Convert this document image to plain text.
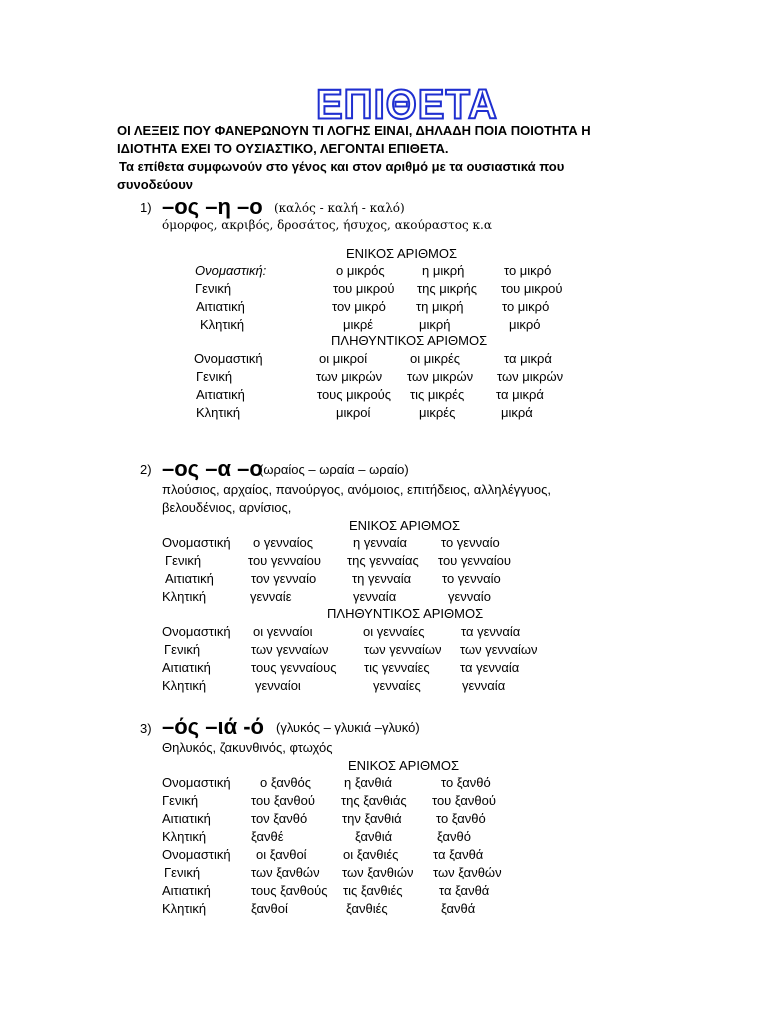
ΕΠΙΘΕΤΑ
ΟΙ ΛΕΞΕΙΣ ΠΟΥ ΦΑΝΕΡΩΝΟΥΝ ΤΙ ΛΟΓΗΣ ΕΙΝΑΙ, ΔΗΛΑΔΗ ΠΟΙΑ ΠΟΙΟΤΗΤΑ Η
ΙΔΙΟΤΗΤΑ ΕΧΕΙ ΤΟ ΟΥΣΙΑΣΤΙΚΟ, ΛΕΓΟΝΤΑΙ ΕΠΙΘΕΤΑ.
Τα επίθετα συμφωνούν στο γένος και στον αριθμό με τα ουσιαστικά που
συνοδεύουν
1) –ος –η –ο (καλός - καλή - καλό)
όμορφος, ακριβός, δροσάτος, ήσυχος, ακούραστος κ.α
ΕΝΙΚΟΣ ΑΡΙΘΜΟΣ
Ονομαστική:	ο μικρός	η μικρή	το μικρό
Γενική	του μικρού της μικρής του μικρού
Αιτιατική	τον μικρό τη μικρή	το μικρό
Κλητική	μικρέ	μικρή	μικρό
ΠΛΗΘΥΝΤΙΚΟΣ ΑΡΙΘΜΟΣ
Ονομαστική	οι μικροί	οι μικρές	τα μικρά
Γενική	των μικρών των μικρών των μικρών
Αιτιατική	τους μικρούς τις μικρές τα μικρά
Κλητική	μικροί	μικρές	μικρά
2) –ος –α –ο
(ωραίος – ωραία – ωραίο)
πλούσιος, αρχαίος, πανούργος, ανόμοιος, επιτήδειος, αλληλέγγυος,
βελουδένιος, αρνίσιος,
ΕΝΙΚΟΣ ΑΡΙΘΜΟΣ
Ονομαστική ο γενναίος	η γενναία	το γενναίο
Γενική	του γενναίου της γενναίας του γενναίου
Αιτιατική	τον γενναίο	τη γενναία το γενναίο
Κλητική	γενναίε	γενναία	γενναίο
ΠΛΗΘΥΝΤΙΚΟΣ ΑΡΙΘΜΟΣ
Ονομαστική οι γενναίοι	οι γενναίες	τα γενναία
Γενική	των γενναίων	των γενναίων των γενναίων
Αιτιατική	τους γενναίους τις γενναίες τα γενναία
Κλητική	γενναίοι	γενναίες	γενναία
3) –ός –ιά -ό (γλυκός – γλυκιά –γλυκό)
Θηλυκός, ζακυνθινός, φτωχός
ΕΝΙΚΟΣ ΑΡΙΘΜΟΣ
Ονομαστική ο ξανθός	η ξανθιά	το ξανθό
Γενική	του ξανθού της ξανθιάς του ξανθού
Αιτιατική	τον ξανθό	την ξανθιά	το ξανθό
Κλητική	ξανθέ	ξανθιά	ξανθό
Ονομαστική οι ξανθοί	οι ξανθιές	τα ξανθά
Γενική	των ξανθών των ξανθιών των ξανθών
Αιτιατική	τους ξανθούς τις ξανθιές	τα ξανθά
Κλητική	ξανθοί	ξανθιές	ξανθά
